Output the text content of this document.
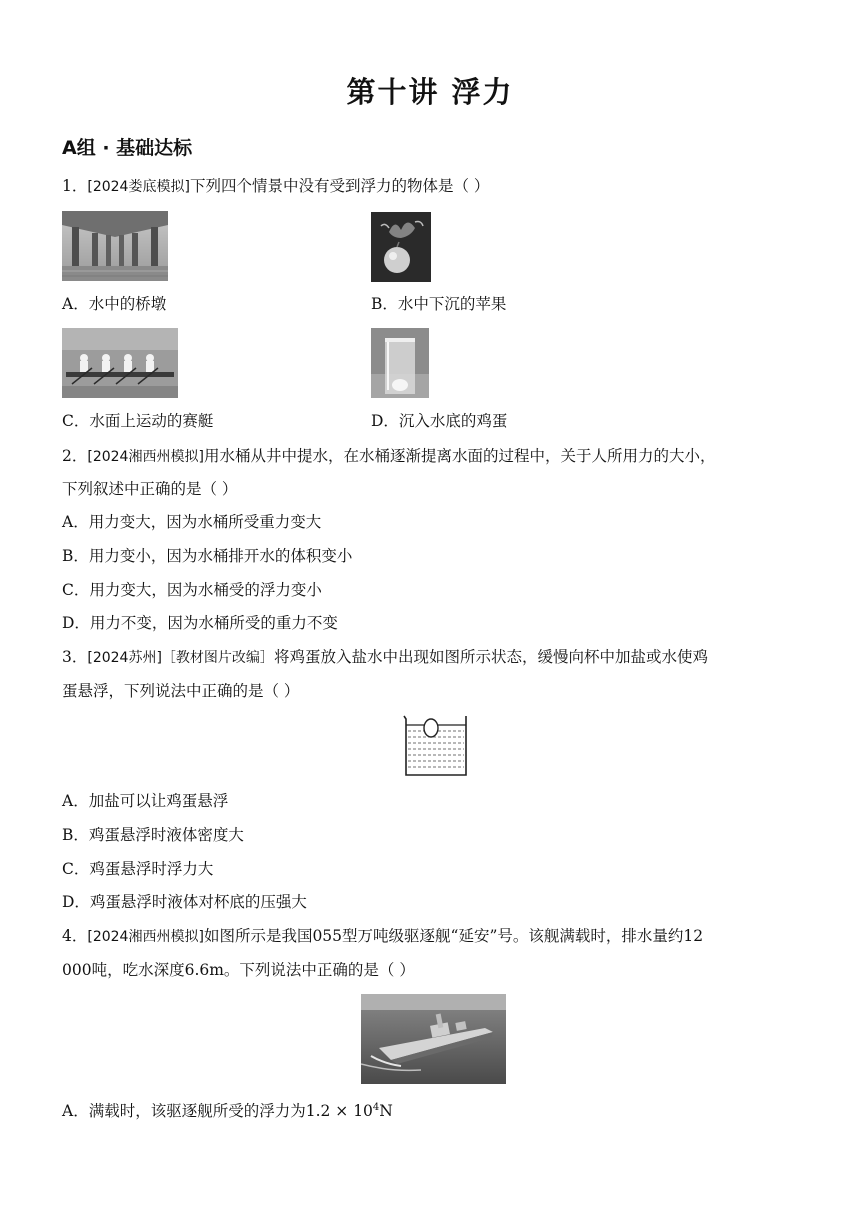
第十讲 浮力
A组 · 基础达标
1．[2024娄底模拟]下列四个情景中没有受到浮力的物体是（ ）
A．水中的桥墩	B．水中下沉的苹果
C．水面上运动的赛艇	D．沉入水底的鸡蛋
2．[2024湘西州模拟]用水桶从井中提水，在水桶逐渐提离水面的过程中，关于人所用力的大小，
下列叙述中正确的是（ ）
A．用力变大，因为水桶所受重力变大
B．用力变小，因为水桶排开水的体积变小
C．用力变大，因为水桶受的浮力变小
D．用力不变，因为水桶所受的重力不变
3．[2024苏州]［教材图片改编］将鸡蛋放入盐水中出现如图所示状态，缓慢向杯中加盐或水使鸡
蛋悬浮，下列说法中正确的是（ ）
A．加盐可以让鸡蛋悬浮
B．鸡蛋悬浮时液体密度大
C．鸡蛋悬浮时浮力大
D．鸡蛋悬浮时液体对杯底的压强大
4．[2024湘西州模拟]如图所示是我国055型万吨级驱逐舰“延安”号。该舰满载时，排水量约12
000吨，吃水深度6.6m。下列说法中正确的是（ ）
A．满载时，该驱逐舰所受的浮力为$1.2 \times 10^4N$
